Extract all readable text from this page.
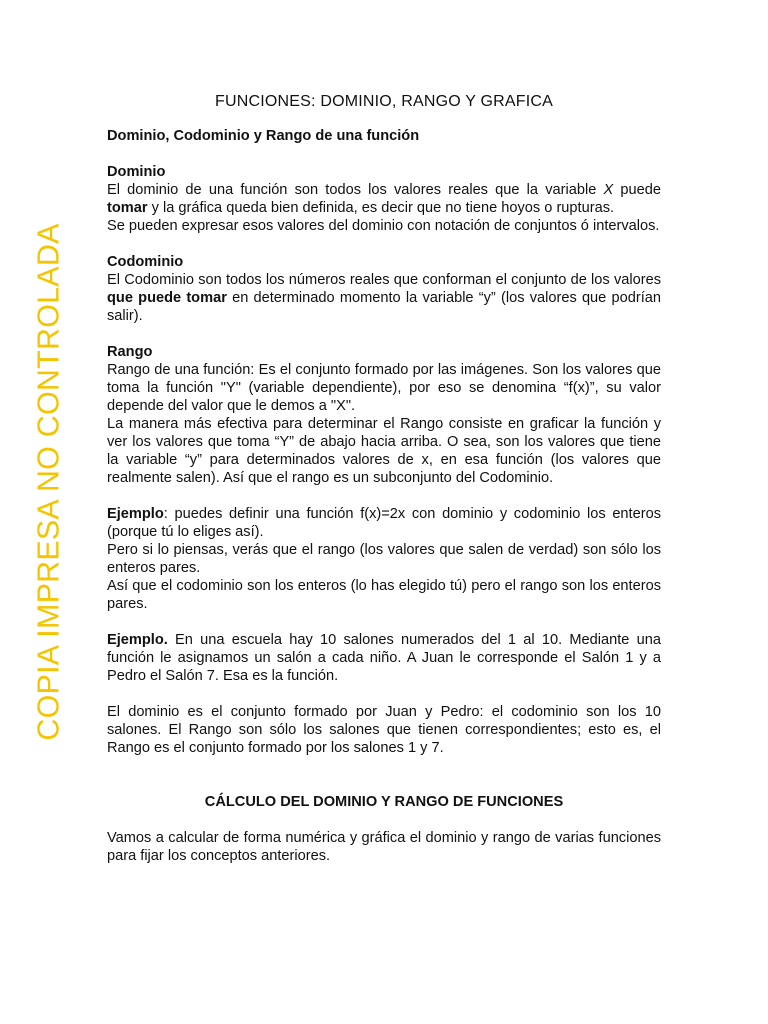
COPIA IMPRESA NO CONTROLADA
FUNCIONES: DOMINIO, RANGO Y GRAFICA
Dominio, Codominio y Rango de una función
Dominio

El dominio de una función son todos los valores reales que la variable X puede tomar y la gráfica queda bien definida, es decir que no tiene hoyos o rupturas.

Se pueden expresar esos valores del dominio con notación de conjuntos ó intervalos.

Codominio

El Codominio son todos los números reales que conforman el conjunto de los valores que puede tomar en determinado momento la variable “y” (los valores que podrían salir).

Rango

Rango de una función: Es el conjunto formado por las imágenes. Son los valores que toma la función "Y" (variable dependiente), por eso se denomina “f(x)”, su valor depende del valor que le demos a "X".

La manera más efectiva para determinar el Rango consiste en graficar la función y ver los valores que toma “Y” de abajo hacia arriba. O sea, son los valores que tiene la variable “y” para determinados valores de x, en esa función (los valores que realmente salen). Así que el rango es un subconjunto del Codominio.

Ejemplo: puedes definir una función f(x)=2x con dominio y codominio los enteros (porque tú lo eliges así).

Pero si lo piensas, verás que el rango (los valores que salen de verdad) son sólo los enteros pares.

Así que el codominio son los enteros (lo has elegido tú) pero el rango son los enteros pares.

Ejemplo. En una escuela hay 10 salones numerados del 1 al 10. Mediante una función le asignamos un salón a cada niño. A Juan le corresponde el Salón 1 y a Pedro el Salón 7. Esa es la función.

El dominio es el conjunto formado por Juan y Pedro: el codominio son los 10 salones. El Rango son sólo los salones que tienen correspondientes; esto es, el Rango es el conjunto formado por los salones 1 y 7.

CÁLCULO DEL DOMINIO Y RANGO DE FUNCIONES

Vamos a calcular de forma numérica y gráfica el dominio y rango de varias funciones para fijar los conceptos anteriores.
